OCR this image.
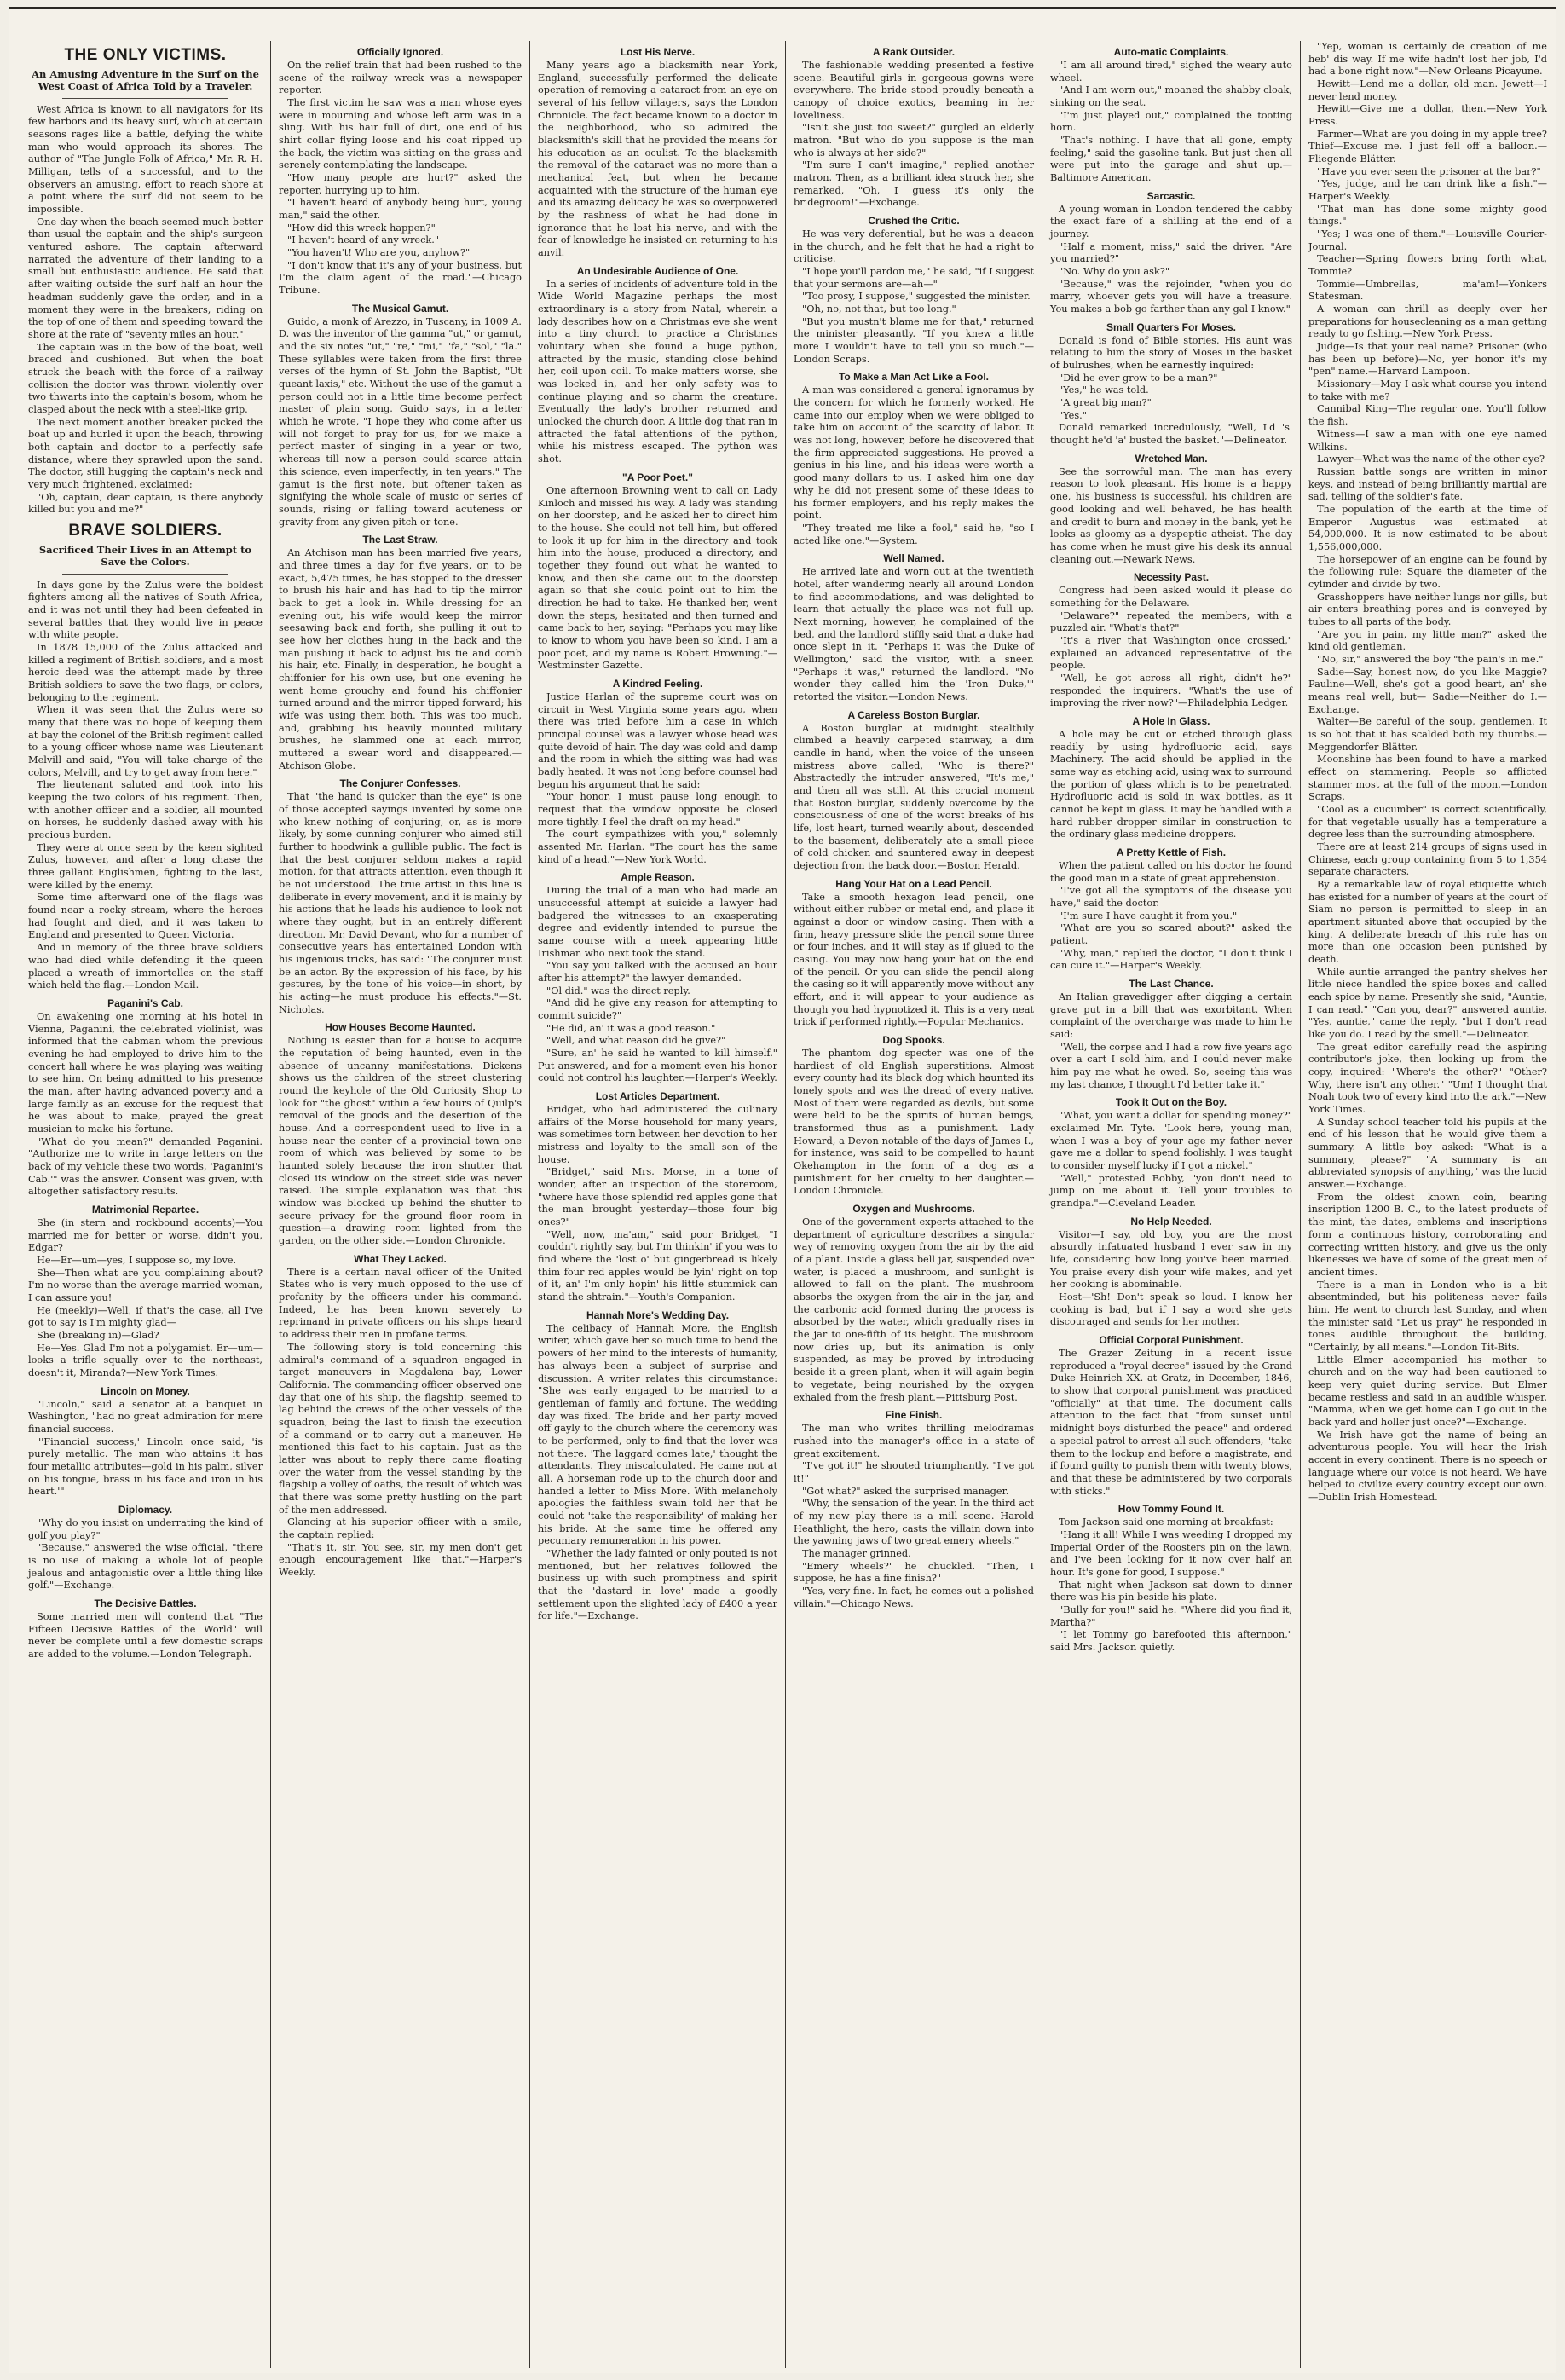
THE ONLY VICTIMS.
An Amusing Adventure in the Surf on the West Coast of Africa Told by a Traveler.

West Africa is known to all navigators for its few harbors and its heavy surf, which at certain seasons rages like a battle, defying the white man who would approach its shores. The author of "The Jungle Folk of Africa," Mr. R. H. Milligan, tells of a successful, and to the observers an amusing, effort to reach shore at a point where the surf did not seem to be impossible.

One day when the beach seemed much better than usual the captain and the ship's surgeon ventured ashore. The captain afterward narrated the adventure of their landing to a small but enthusiastic audience. He said that after waiting outside the surf half an hour the headman suddenly gave the order, and in a moment they were in the breakers, riding on the top of one of them and speeding toward the shore at the rate of "seventy miles an hour."

The captain was in the bow of the boat, well braced and cushioned. But when the boat struck the beach with the force of a railway collision the doctor was thrown violently over two thwarts into the captain's bosom, whom he clasped about the neck with a steel-like grip.

The next moment another breaker picked the boat up and hurled it upon the beach, throwing both captain and doctor to a perfectly safe distance, where they sprawled upon the sand. The doctor, still hugging the captain's neck and very much frightened, exclaimed:

"Oh, captain, dear captain, is there anybody killed but you and me?"

BRAVE SOLDIERS.
Sacrificed Their Lives in an Attempt to Save the Colors.

In days gone by the Zulus were the boldest fighters among all the natives of South Africa, and it was not until they had been defeated in several battles that they would live in peace with white people.

In 1878 15,000 of the Zulus attacked and killed a regiment of British soldiers, and a most heroic deed was the attempt made by three British soldiers to save the two flags, or colors, belonging to the regiment.

When it was seen that the Zulus were so many that there was no hope of keeping them at bay the colonel of the British regiment called to a young officer whose name was Lieutenant Melvill and said, "You will take charge of the colors, Melvill, and try to get away from here."

The lieutenant saluted and took into his keeping the two colors of his regiment. Then, with another officer and a soldier, all mounted on horses, he suddenly dashed away with his precious burden.

They were at once seen by the keen sighted Zulus, however, and after a long chase the three gallant Englishmen, fighting to the last, were killed by the enemy.

Some time afterward one of the flags was found near a rocky stream, where the heroes had fought and died, and it was taken to England and presented to Queen Victoria.

And in memory of the three brave soldiers who had died while defending it the queen placed a wreath of immortelles on the staff which held the flag.—London Mail.

Paganini's Cab.

On awakening one morning at his hotel in Vienna, Paganini, the celebrated violinist, was informed that the cabman whom the previous evening he had employed to drive him to the concert hall where he was playing was waiting to see him. On being admitted to his presence the man, after having advanced poverty and a large family as an excuse for the request that he was about to make, prayed the great musician to make his fortune.

"What do you mean?" demanded Paganini. "Authorize me to write in large letters on the back of my vehicle these two words, 'Paganini's Cab.'" was the answer. Consent was given, with altogether satisfactory results.

Matrimonial Repartee.

She (in stern and rockbound accents)—You married me for better or worse, didn't you, Edgar?

He—Er—um—yes, I suppose so, my love.

She—Then what are you complaining about? I'm no worse than the average married woman, I can assure you!

He (meekly)—Well, if that's the case, all I've got to say is I'm mighty glad—

She (breaking in)—Glad?

He—Yes. Glad I'm not a polygamist. Er—um—looks a trifle squally over to the northeast, doesn't it, Miranda?—New York Times.

Lincoln on Money.

"Lincoln," said a senator at a banquet in Washington, "had no great admiration for mere financial success.

"'Financial success,' Lincoln once said, 'is purely metallic. The man who attains it has four metallic attributes—gold in his palm, silver on his tongue, brass in his face and iron in his heart.'"

Diplomacy.

"Why do you insist on underrating the kind of golf you play?"

"Because," answered the wise official, "there is no use of making a whole lot of people jealous and antagonistic over a little thing like golf."—Exchange.

The Decisive Battles.

Some married men will contend that "The Fifteen Decisive Battles of the World" will never be complete until a few domestic scraps are added to the volume.—London Telegraph.

Officially Ignored.

On the relief train that had been rushed to the scene of the railway wreck was a newspaper reporter.

The first victim he saw was a man whose eyes were in mourning and whose left arm was in a sling. With his hair full of dirt, one end of his shirt collar flying loose and his coat ripped up the back, the victim was sitting on the grass and serenely contemplating the landscape.

"How many people are hurt?" asked the reporter, hurrying up to him.

"I haven't heard of anybody being hurt, young man," said the other.

"How did this wreck happen?"

"I haven't heard of any wreck."

"You haven't! Who are you, anyhow?"

"I don't know that it's any of your business, but I'm the claim agent of the road."—Chicago Tribune.

The Musical Gamut.

Guido, a monk of Arezzo, in Tuscany, in 1009 A. D. was the inventor of the gamma "ut," or gamut, and the six notes "ut," "re," "mi," "fa," "sol," "la." These syllables were taken from the first three verses of the hymn of St. John the Baptist, "Ut queant laxis," etc. Without the use of the gamut a person could not in a little time become perfect master of plain song. Guido says, in a letter which he wrote, "I hope they who come after us will not forget to pray for us, for we make a perfect master of singing in a year or two, whereas till now a person could scarce attain this science, even imperfectly, in ten years." The gamut is the first note, but oftener taken as signifying the whole scale of music or series of sounds, rising or falling toward acuteness or gravity from any given pitch or tone.

The Last Straw.

An Atchison man has been married five years, and three times a day for five years, or, to be exact, 5,475 times, he has stopped to the dresser to brush his hair and has had to tip the mirror back to get a look in. While dressing for an evening out, his wife would keep the mirror seesawing back and forth, she pulling it out to see how her clothes hung in the back and the man pushing it back to adjust his tie and comb his hair, etc. Finally, in desperation, he bought a chiffonier for his own use, but one evening he went home grouchy and found his chiffonier turned around and the mirror tipped forward; his wife was using them both. This was too much, and, grabbing his heavily mounted military brushes, he slammed one at each mirror, muttered a swear word and disappeared.—Atchison Globe.

The Conjurer Confesses.

That "the hand is quicker than the eye" is one of those accepted sayings invented by some one who knew nothing of conjuring, or, as is more likely, by some cunning conjurer who aimed still further to hoodwink a gullible public. The fact is that the best conjurer seldom makes a rapid motion, for that attracts attention, even though it be not understood. The true artist in this line is deliberate in every movement, and it is mainly by his actions that he leads his audience to look not where they ought, but in an entirely different direction. Mr. David Devant, who for a number of consecutive years has entertained London with his ingenious tricks, has said: "The conjurer must be an actor. By the expression of his face, by his gestures, by the tone of his voice—in short, by his acting—he must produce his effects."—St. Nicholas.

How Houses Become Haunted.

Nothing is easier than for a house to acquire the reputation of being haunted, even in the absence of uncanny manifestations. Dickens shows us the children of the street clustering round the keyhole of the Old Curiosity Shop to look for "the ghost" within a few hours of Quilp's removal of the goods and the desertion of the house. And a correspondent used to live in a house near the center of a provincial town one room of which was believed by some to be haunted solely because the iron shutter that closed its window on the street side was never raised. The simple explanation was that this window was blocked up behind the shutter to secure privacy for the ground floor room in question—a drawing room lighted from the garden, on the other side.—London Chronicle.

What They Lacked.

There is a certain naval officer of the United States who is very much opposed to the use of profanity by the officers under his command. Indeed, he has been known severely to reprimand in private officers on his ships heard to address their men in profane terms.

The following story is told concerning this admiral's command of a squadron engaged in target maneuvers in Magdalena bay, Lower California. The commanding officer observed one day that one of his ship, the flagship, seemed to lag behind the crews of the other vessels of the squadron, being the last to finish the execution of a command or to carry out a maneuver. He mentioned this fact to his captain. Just as the latter was about to reply there came floating over the water from the vessel standing by the flagship a volley of oaths, the result of which was that there was some pretty hustling on the part of the men addressed.

Glancing at his superior officer with a smile, the captain replied:

"That's it, sir. You see, sir, my men don't get enough encouragement like that."—Harper's Weekly.

Lost His Nerve.

Many years ago a blacksmith near York, England, successfully performed the delicate operation of removing a cataract from an eye on several of his fellow villagers, says the London Chronicle. The fact became known to a doctor in the neighborhood, who so admired the blacksmith's skill that he provided the means for his education as an oculist. To the blacksmith the removal of the cataract was no more than a mechanical feat, but when he became acquainted with the structure of the human eye and its amazing delicacy he was so overpowered by the rashness of what he had done in ignorance that he lost his nerve, and with the fear of knowledge he insisted on returning to his anvil.

An Undesirable Audience of One.

In a series of incidents of adventure told in the Wide World Magazine perhaps the most extraordinary is a story from Natal, wherein a lady describes how on a Christmas eve she went into a tiny church to practice a Christmas voluntary when she found a huge python, attracted by the music, standing close behind her, coil upon coil. To make matters worse, she was locked in, and her only safety was to continue playing and so charm the creature. Eventually the lady's brother returned and unlocked the church door. A little dog that ran in attracted the fatal attentions of the python, while his mistress escaped. The python was shot.

"A Poor Poet."

One afternoon Browning went to call on Lady Kinloch and missed his way. A lady was standing on her doorstep, and he asked her to direct him to the house. She could not tell him, but offered to look it up for him in the directory and took him into the house, produced a directory, and together they found out what he wanted to know, and then she came out to the doorstep again so that she could point out to him the direction he had to take. He thanked her, went down the steps, hesitated and then turned and came back to her, saying: "Perhaps you may like to know to whom you have been so kind. I am a poor poet, and my name is Robert Browning."—Westminster Gazette.

A Kindred Feeling.

Justice Harlan of the supreme court was on circuit in West Virginia some years ago, when there was tried before him a case in which principal counsel was a lawyer whose head was quite devoid of hair. The day was cold and damp and the room in which the sitting was had was badly heated. It was not long before counsel had begun his argument that he said:

"Your honor, I must pause long enough to request that the window opposite be closed more tightly. I feel the draft on my head."

The court sympathizes with you," solemnly assented Mr. Harlan. "The court has the same kind of a head."—New York World.

Ample Reason.

During the trial of a man who had made an unsuccessful attempt at suicide a lawyer had badgered the witnesses to an exasperating degree and evidently intended to pursue the same course with a meek appearing little Irishman who next took the stand.

"You say you talked with the accused an hour after his attempt?" the lawyer demanded.

"Ol did." was the direct reply.

"And did he give any reason for attempting to commit suicide?"

"He did, an' it was a good reason."

"Well, and what reason did he give?"

"Sure, an' he said he wanted to kill himself." Put answered, and for a moment even his honor could not control his laughter.—Harper's Weekly.

Lost Articles Department.

Bridget, who had administered the culinary affairs of the Morse household for many years, was sometimes torn between her devotion to her mistress and loyalty to the small son of the house.

"Bridget," said Mrs. Morse, in a tone of wonder, after an inspection of the storeroom, "where have those splendid red apples gone that the man brought yesterday—those four big ones?"

"Well, now, ma'am," said poor Bridget, "I couldn't rightly say, but I'm thinkin' if you was to find where the 'lost o' but gingerbread is likely thim four red apples would be lyin' right on top of it, an' I'm only hopin' his little stummick can stand the shtrain."—Youth's Companion.

Hannah More's Wedding Day.

The celibacy of Hannah More, the English writer, which gave her so much time to bend the powers of her mind to the interests of humanity, has always been a subject of surprise and discussion. A writer relates this circumstance: "She was early engaged to be married to a gentleman of family and fortune. The wedding day was fixed. The bride and her party moved off gayly to the church where the ceremony was to be performed, only to find that the lover was not there. 'The laggard comes late,' thought the attendants. They miscalculated. He came not at all. A horseman rode up to the church door and handed a letter to Miss More. With melancholy apologies the faithless swain told her that he could not 'take the responsibility' of making her his bride. At the same time he offered any pecuniary remuneration in his power.

"Whether the lady fainted or only pouted is not mentioned, but her relatives followed the business up with such promptness and spirit that the 'dastard in love' made a goodly settlement upon the slighted lady of £400 a year for life."—Exchange.

A Rank Outsider.

The fashionable wedding presented a festive scene. Beautiful girls in gorgeous gowns were everywhere. The bride stood proudly beneath a canopy of choice exotics, beaming in her loveliness.

"Isn't she just too sweet?" gurgled an elderly matron. "But who do you suppose is the man who is always at her side?"

"I'm sure I can't imagine," replied another matron. Then, as a brilliant idea struck her, she remarked, "Oh, I guess it's only the bridegroom!"—Exchange.

Crushed the Critic.

He was very deferential, but he was a deacon in the church, and he felt that he had a right to criticise.

"I hope you'll pardon me," he said, "if I suggest that your sermons are—ah—"

"Too prosy, I suppose," suggested the minister.

"Oh, no, not that, but too long."

"But you mustn't blame me for that," returned the minister pleasantly. "If you knew a little more I wouldn't have to tell you so much."—London Scraps.

To Make a Man Act Like a Fool.

A man was considered a general ignoramus by the concern for which he formerly worked. He came into our employ when we were obliged to take him on account of the scarcity of labor. It was not long, however, before he discovered that the firm appreciated suggestions. He proved a genius in his line, and his ideas were worth a good many dollars to us. I asked him one day why he did not present some of these ideas to his former employers, and his reply makes the point.

"They treated me like a fool," said he, "so I acted like one."—System.

Well Named.

He arrived late and worn out at the twentieth hotel, after wandering nearly all around London to find accommodations, and was delighted to learn that actually the place was not full up. Next morning, however, he complained of the bed, and the landlord stiffly said that a duke had once slept in it. "Perhaps it was the Duke of Wellington," said the visitor, with a sneer. "Perhaps it was," returned the landlord. "No wonder they called him the 'Iron Duke,'" retorted the visitor.—London News.

A Careless Boston Burglar.

A Boston burglar at midnight stealthily climbed a heavily carpeted stairway, a dim candle in hand, when the voice of the unseen mistress above called, "Who is there?" Abstractedly the intruder answered, "It's me," and then all was still. At this crucial moment that Boston burglar, suddenly overcome by the consciousness of one of the worst breaks of his life, lost heart, turned wearily about, descended to the basement, deliberately ate a small piece of cold chicken and sauntered away in deepest dejection from the back door.—Boston Herald.

Hang Your Hat on a Lead Pencil.

Take a smooth hexagon lead pencil, one without either rubber or metal end, and place it against a door or window casing. Then with a firm, heavy pressure slide the pencil some three or four inches, and it will stay as if glued to the casing. You may now hang your hat on the end of the pencil. Or you can slide the pencil along the casing so it will apparently move without any effort, and it will appear to your audience as though you had hypnotized it. This is a very neat trick if performed rightly.—Popular Mechanics.

Dog Spooks.

The phantom dog specter was one of the hardiest of old English superstitions. Almost every county had its black dog which haunted its lonely spots and was the dread of every native. Most of them were regarded as devils, but some were held to be the spirits of human beings, transformed thus as a punishment. Lady Howard, a Devon notable of the days of James I., for instance, was said to be compelled to haunt Okehampton in the form of a dog as a punishment for her cruelty to her daughter.—London Chronicle.

Oxygen and Mushrooms.

One of the government experts attached to the department of agriculture describes a singular way of removing oxygen from the air by the aid of a plant. Inside a glass bell jar, suspended over water, is placed a mushroom, and sunlight is allowed to fall on the plant. The mushroom absorbs the oxygen from the air in the jar, and the carbonic acid formed during the process is absorbed by the water, which gradually rises in the jar to one-fifth of its height. The mushroom now dries up, but its animation is only suspended, as may be proved by introducing beside it a green plant, when it will again begin to vegetate, being nourished by the oxygen exhaled from the fresh plant.—Pittsburg Post.

Fine Finish.

The man who writes thrilling melodramas rushed into the manager's office in a state of great excitement.

"I've got it!" he shouted triumphantly. "I've got it!"

"Got what?" asked the surprised manager.

"Why, the sensation of the year. In the third act of my new play there is a mill scene. Harold Heathlight, the hero, casts the villain down into the yawning jaws of two great emery wheels."

The manager grinned.

"Emery wheels?" he chuckled. "Then, I suppose, he has a fine finish?"

"Yes, very fine. In fact, he comes out a polished villain."—Chicago News.

Auto-matic Complaints.

"I am all around tired," sighed the weary auto wheel.

"And I am worn out," moaned the shabby cloak, sinking on the seat.

"I'm just played out," complained the tooting horn.

"That's nothing. I have that all gone, empty feeling," said the gasoline tank. But just then all were put into the garage and shut up.—Baltimore American.

Sarcastic.

A young woman in London tendered the cabby the exact fare of a shilling at the end of a journey.

"Half a moment, miss," said the driver. "Are you married?"

"No. Why do you ask?"

"Because," was the rejoinder, "when you do marry, whoever gets you will have a treasure. You makes a bob go farther than any gal I know."

Small Quarters For Moses.

Donald is fond of Bible stories. His aunt was relating to him the story of Moses in the basket of bulrushes, when he earnestly inquired:

"Did he ever grow to be a man?"

"Yes," he was told.

"A great big man?"

"Yes."

Donald remarked incredulously, "Well, I'd 's' thought he'd 'a' busted the basket."—Delineator.

Wretched Man.

See the sorrowful man. The man has every reason to look pleasant. His home is a happy one, his business is successful, his children are good looking and well behaved, he has health and credit to burn and money in the bank, yet he looks as gloomy as a dyspeptic atheist. The day has come when he must give his desk its annual cleaning out.—Newark News.

Necessity Past.

Congress had been asked would it please do something for the Delaware.

"Delaware?" repeated the members, with a puzzled air. "What's that?"

"It's a river that Washington once crossed," explained an advanced representative of the people.

"Well, he got across all right, didn't he?" responded the inquirers. "What's the use of improving the river now?"—Philadelphia Ledger.

A Hole In Glass.

A hole may be cut or etched through glass readily by using hydrofluoric acid, says Machinery. The acid should be applied in the same way as etching acid, using wax to surround the portion of glass which is to be penetrated. Hydrofluoric acid is sold in wax bottles, as it cannot be kept in glass. It may be handled with a hard rubber dropper similar in construction to the ordinary glass medicine droppers.

A Pretty Kettle of Fish.

When the patient called on his doctor he found the good man in a state of great apprehension.

"I've got all the symptoms of the disease you have," said the doctor.

"I'm sure I have caught it from you."

"What are you so scared about?" asked the patient.

"Why, man," replied the doctor, "I don't think I can cure it."—Harper's Weekly.

The Last Chance.

An Italian gravedigger after digging a certain grave put in a bill that was exorbitant. When complaint of the overcharge was made to him he said:

"Well, the corpse and I had a row five years ago over a cart I sold him, and I could never make him pay me what he owed. So, seeing this was my last chance, I thought I'd better take it."

Took It Out on the Boy.

"What, you want a dollar for spending money?" exclaimed Mr. Tyte. "Look here, young man, when I was a boy of your age my father never gave me a dollar to spend foolishly. I was taught to consider myself lucky if I got a nickel."

"Well," protested Bobby, "you don't need to jump on me about it. Tell your troubles to grandpa."—Cleveland Leader.

No Help Needed.

Visitor—I say, old boy, you are the most absurdly infatuated husband I ever saw in my life, considering how long you've been married. You praise every dish your wife makes, and yet her cooking is abominable.

Host—'Sh! Don't speak so loud. I know her cooking is bad, but if I say a word she gets discouraged and sends for her mother.

Official Corporal Punishment.

The Grazer Zeitung in a recent issue reproduced a "royal decree" issued by the Grand Duke Heinrich XX. at Gratz, in December, 1846, to show that corporal punishment was practiced "officially" at that time. The document calls attention to the fact that "from sunset until midnight boys disturbed the peace" and ordered a special patrol to arrest all such offenders, "take them to the lockup and before a magistrate, and if found guilty to punish them with twenty blows, and that these be administered by two corporals with sticks."

How Tommy Found It.

Tom Jackson said one morning at breakfast:

"Hang it all! While I was weeding I dropped my Imperial Order of the Roosters pin on the lawn, and I've been looking for it now over half an hour. It's gone for good, I suppose."

That night when Jackson sat down to dinner there was his pin beside his plate.

"Bully for you!" said he. "Where did you find it, Martha?"

"I let Tommy go barefooted this afternoon," said Mrs. Jackson quietly.

"Yep, woman is certainly de creation of me heb' dis way. If me wife hadn't lost her job, I'd had a bone right now."—New Orleans Picayune.

Hewitt—Lend me a dollar, old man. Jewett—I never lend money.

Hewitt—Give me a dollar, then.—New York Press.

Farmer—What are you doing in my apple tree? Thief—Excuse me. I just fell off a balloon.—Fliegende Blätter.

"Have you ever seen the prisoner at the bar?"

"Yes, judge, and he can drink like a fish."—Harper's Weekly.

"That man has done some mighty good things."

"Yes; I was one of them."—Louisville Courier-Journal.

Teacher—Spring flowers bring forth what, Tommie?

Tommie—Umbrellas, ma'am!—Yonkers Statesman.

A woman can thrill as deeply over her preparations for housecleaning as a man getting ready to go fishing.—New York Press.

Judge—Is that your real name? Prisoner (who has been up before)—No, yer honor it's my "pen" name.—Harvard Lampoon.

Missionary—May I ask what course you intend to take with me?

Cannibal King—The regular one. You'll follow the fish.

Witness—I saw a man with one eye named Wilkins.

Lawyer—What was the name of the other eye?

Russian battle songs are written in minor keys, and instead of being brilliantly martial are sad, telling of the soldier's fate.

The population of the earth at the time of Emperor Augustus was estimated at 54,000,000. It is now estimated to be about 1,556,000,000.

The horsepower of an engine can be found by the following rule: Square the diameter of the cylinder and divide by two.

Grasshoppers have neither lungs nor gills, but air enters breathing pores and is conveyed by tubes to all parts of the body.

"Are you in pain, my little man?" asked the kind old gentleman.

"No, sir," answered the boy "the pain's in me."

Sadie—Say, honest now, do you like Maggie? Pauline—Well, she's got a good heart, an' she means real well, but— Sadie—Neither do I.—Exchange.

Walter—Be careful of the soup, gentlemen. It is so hot that it has scalded both my thumbs.—Meggendorfer Blätter.

Moonshine has been found to have a marked effect on stammering. People so afflicted stammer most at the full of the moon.—London Scraps.

"Cool as a cucumber" is correct scientifically, for that vegetable usually has a temperature a degree less than the surrounding atmosphere.

There are at least 214 groups of signs used in Chinese, each group containing from 5 to 1,354 separate characters.

By a remarkable law of royal etiquette which has existed for a number of years at the court of Siam no person is permitted to sleep in an apartment situated above that occupied by the king. A deliberate breach of this rule has on more than one occasion been punished by death.

While auntie arranged the pantry shelves her little niece handled the spice boxes and called each spice by name. Presently she said, "Auntie, I can read." "Can you, dear?" answered auntie. "Yes, auntie," came the reply, "but I don't read like you do. I read by the smell."—Delineator.

The great editor carefully read the aspiring contributor's joke, then looking up from the copy, inquired: "Where's the other?" "Other? Why, there isn't any other." "Um! I thought that Noah took two of every kind into the ark."—New York Times.

A Sunday school teacher told his pupils at the end of his lesson that he would give them a summary. A little boy asked: "What is a summary, please?" "A summary is an abbreviated synopsis of anything," was the lucid answer.—Exchange.

From the oldest known coin, bearing inscription 1200 B. C., to the latest products of the mint, the dates, emblems and inscriptions form a continuous history, corroborating and correcting written history, and give us the only likenesses we have of some of the great men of ancient times.

There is a man in London who is a bit absentminded, but his politeness never fails him. He went to church last Sunday, and when the minister said "Let us pray" he responded in tones audible throughout the building, "Certainly, by all means."—London Tit-Bits.

Little Elmer accompanied his mother to church and on the way had been cautioned to keep very quiet during service. But Elmer became restless and said in an audible whisper, "Mamma, when we get home can I go out in the back yard and holler just once?"—Exchange.

We Irish have got the name of being an adventurous people. You will hear the Irish accent in every continent. There is no speech or language where our voice is not heard. We have helped to civilize every country except our own.—Dublin Irish Homestead.
